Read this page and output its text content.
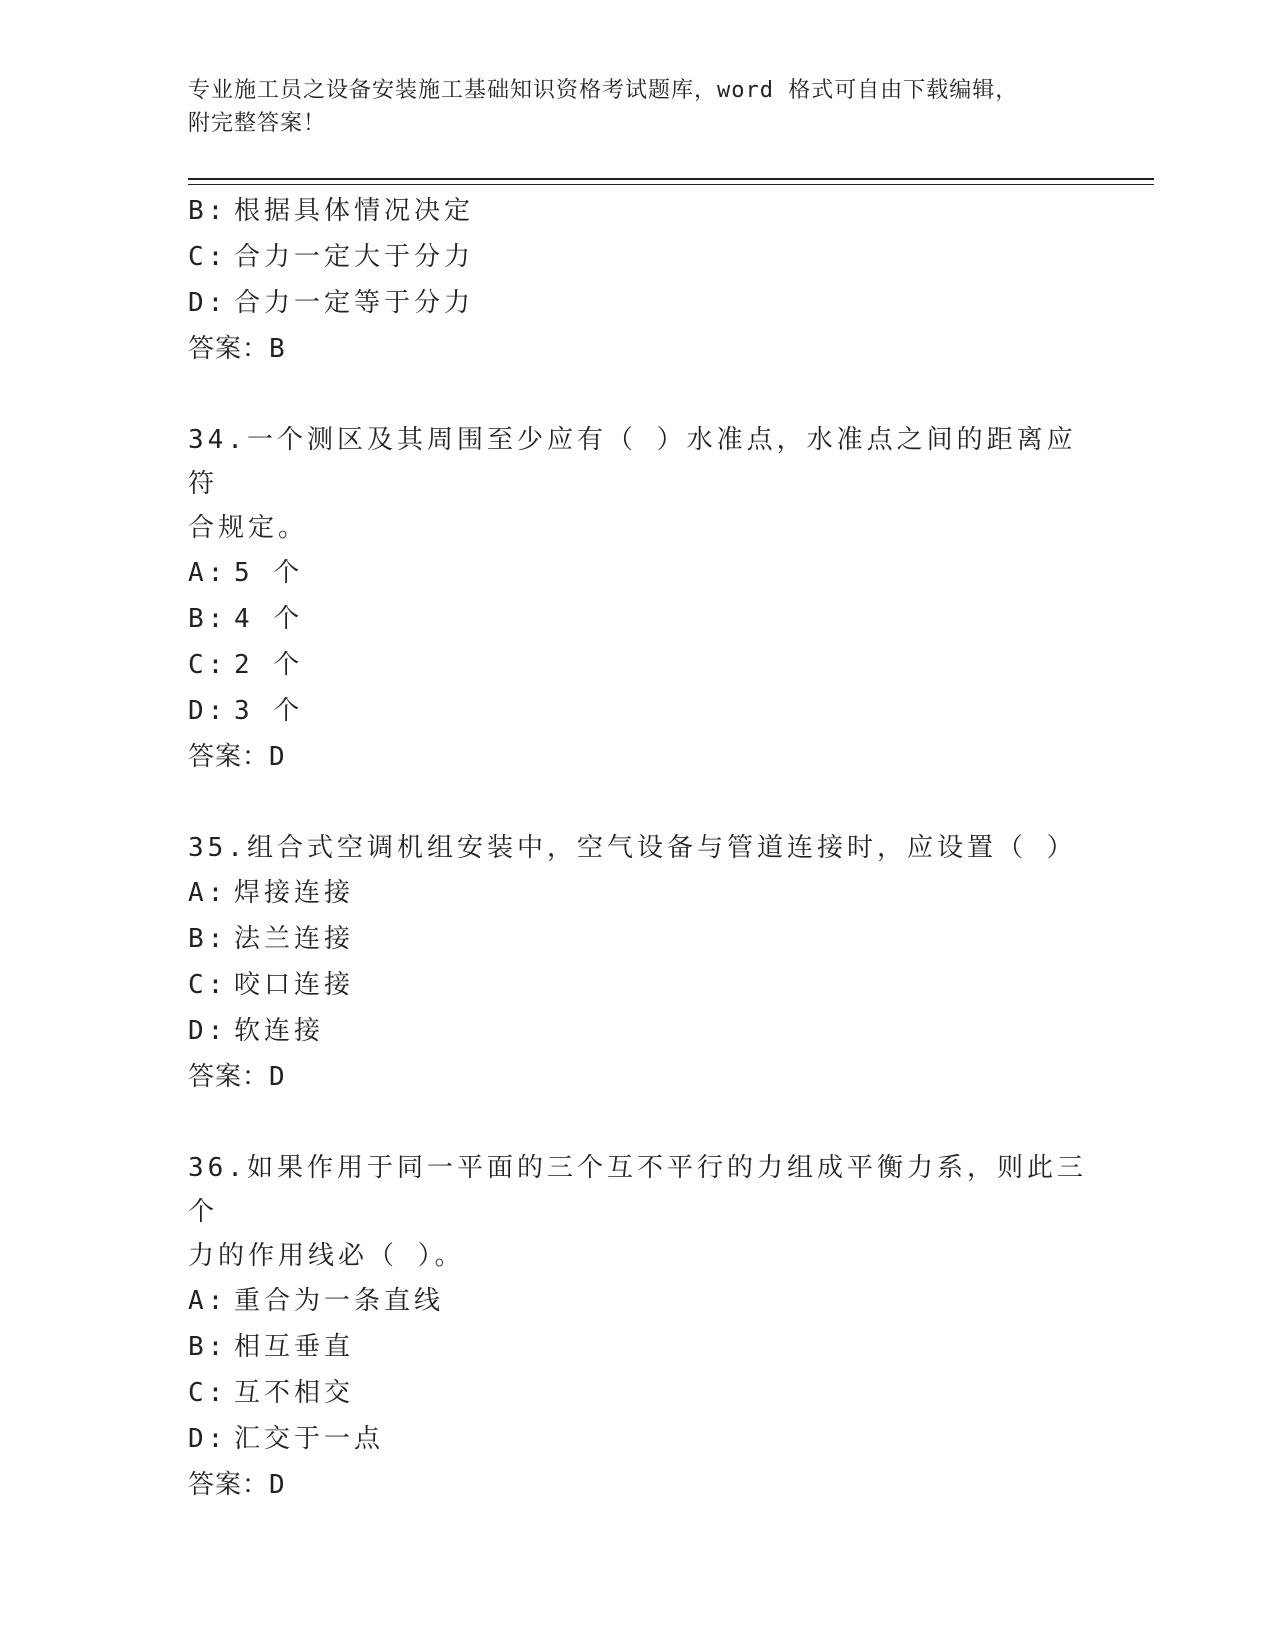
专业施工员之设备安装施工基础知识资格考试题库，word 格式可自由下载编辑，
附完整答案！
B: 根据具体情况决定
C: 合力一定大于分力
D: 合力一定等于分力
答案：B
34.一个测区及其周围至少应有（ ）水准点，水准点之间的距离应符
合规定。
A: 5 个
B: 4 个
C: 2 个
D: 3 个
答案：D
35.组合式空调机组安装中，空气设备与管道连接时，应设置（ ）
A: 焊接连接
B: 法兰连接
C: 咬口连接
D: 软连接
答案：D
36.如果作用于同一平面的三个互不平行的力组成平衡力系，则此三个
力的作用线必（ ）。
A: 重合为一条直线
B: 相互垂直
C: 互不相交
D: 汇交于一点
答案：D
